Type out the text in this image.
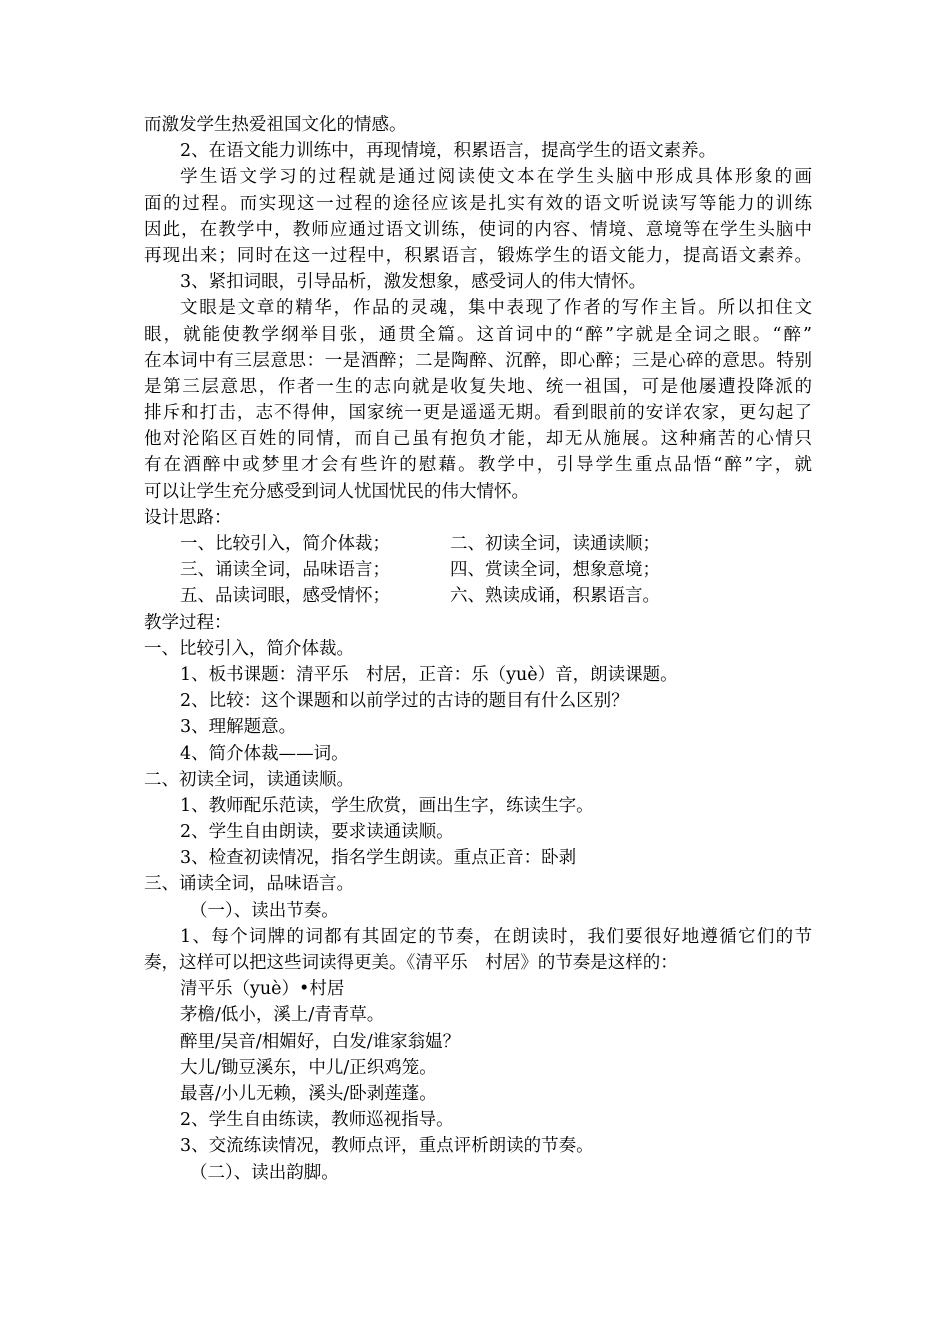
而激发学生热爱祖国文化的情感。
2、在语文能力训练中，再现情境，积累语言，提高学生的语文素养。
学生语文学习的过程就是通过阅读使文本在学生头脑中形成具体形象的画
面的过程。而实现这一过程的途径应该是扎实有效的语文听说读写等能力的训练
因此，在教学中，教师应通过语文训练，使词的内容、情境、意境等在学生头脑中
再现出来；同时在这一过程中，积累语言，锻炼学生的语文能力，提高语文素养。
3、紧扣词眼，引导品析，激发想象，感受词人的伟大情怀。
文眼是文章的精华，作品的灵魂，集中表现了作者的写作主旨。所以扣住文
眼，就能使教学纲举目张，通贯全篇。这首词中的“醉”字就是全词之眼。“醉”
在本词中有三层意思：一是酒醉；二是陶醉、沉醉，即心醉；三是心碎的意思。特别
是第三层意思，作者一生的志向就是收复失地、统一祖国，可是他屡遭投降派的
排斥和打击，志不得伸，国家统一更是遥遥无期。看到眼前的安详农家，更勾起了
他对沦陷区百姓的同情，而自己虽有抱负才能，却无从施展。这种痛苦的心情只
有在酒醉中或梦里才会有些许的慰藉。教学中，引导学生重点品悟“醉”字，就
可以让学生充分感受到词人忧国忧民的伟大情怀。
设计思路：
一、比较引入，简介体裁；	二、初读全词，读通读顺；
三、诵读全词，品味语言；	四、赏读全词，想象意境；
五、品读词眼，感受情怀；	六、熟读成诵，积累语言。
教学过程：
一、比较引入，简介体裁。
1、板书课题：清平乐　村居，正音：乐（yuè）音，朗读课题。
2、比较：这个课题和以前学过的古诗的题目有什么区别？
3、理解题意。
4、简介体裁——词。
二、初读全词，读通读顺。
1、教师配乐范读，学生欣赏，画出生字，练读生字。
2、学生自由朗读，要求读通读顺。
3、检查初读情况，指名学生朗读。重点正音：卧剥
三、诵读全词，品味语言。
（一）、读出节奏。
1、每个词牌的词都有其固定的节奏，在朗读时，我们要很好地遵循它们的节
奏，这样可以把这些词读得更美。《清平乐　村居》的节奏是这样的：
清平乐（yuè）•村居
茅檐/低小，溪上/青青草。
醉里/吴音/相媚好，白发/谁家翁媪？
大儿/锄豆溪东，中儿/正织鸡笼。
最喜/小儿无赖，溪头/卧剥莲蓬。
2、学生自由练读，教师巡视指导。
3、交流练读情况，教师点评，重点评析朗读的节奏。
（二）、读出韵脚。
